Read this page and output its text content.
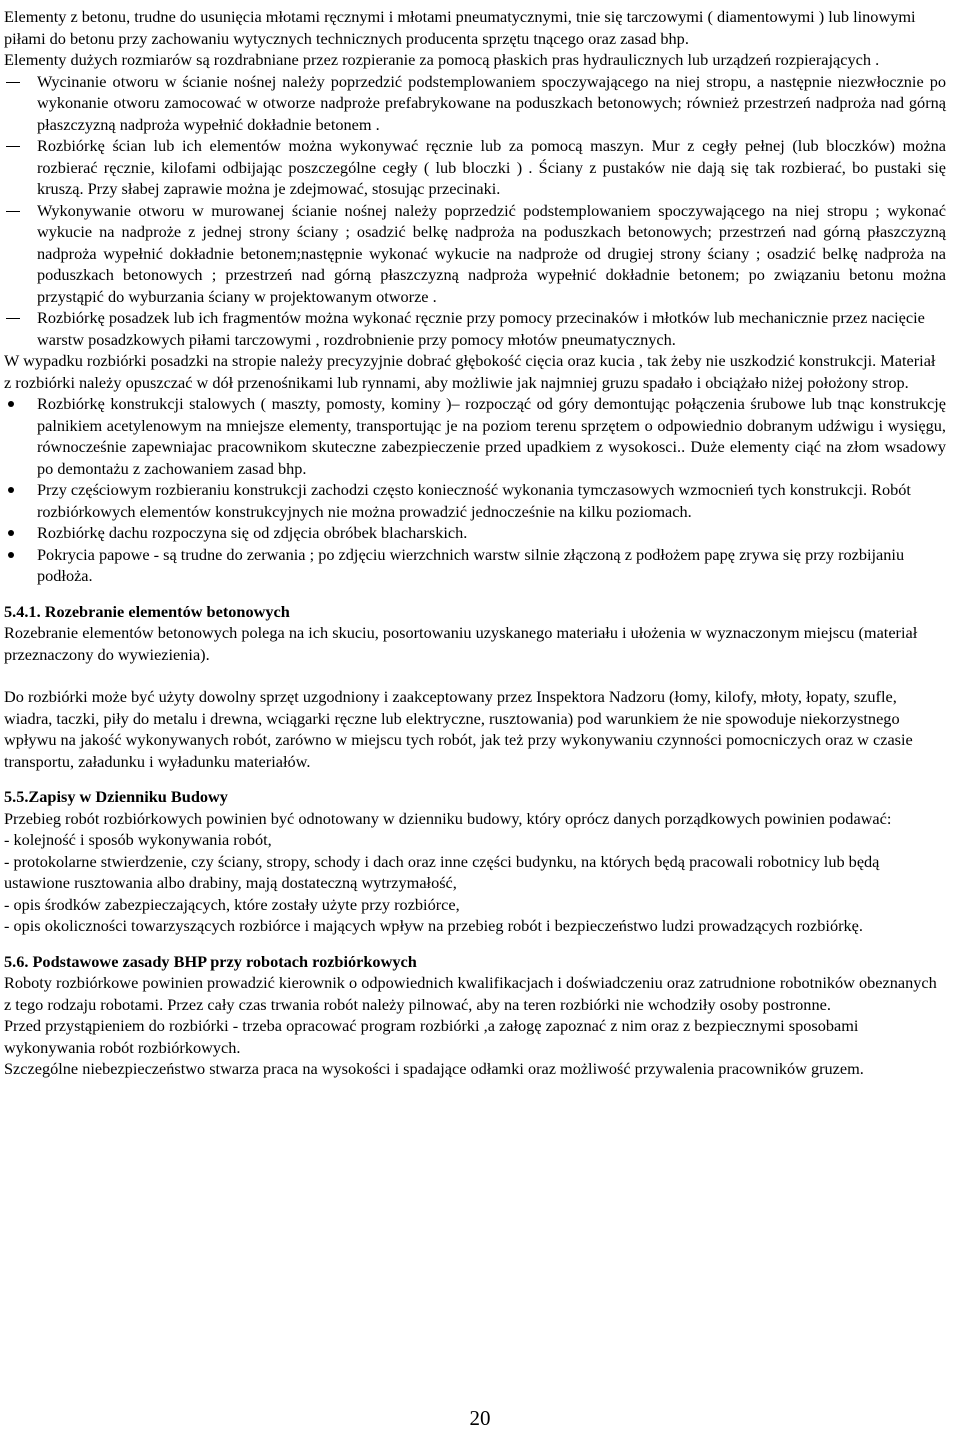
Elementy z betonu, trudne do usunięcia młotami ręcznymi i młotami pneumatycznymi, tnie się tarczowymi ( diamentowymi ) lub linowymi piłami do betonu przy zachowaniu wytycznych technicznych producenta sprzętu tnącego oraz zasad bhp.

Elementy dużych rozmiarów są rozdrabniane przez rozpieranie za pomocą płaskich pras hydraulicznych lub urządzeń rozpierających .

Wycinanie otworu w ścianie nośnej należy poprzedzić podstemplowaniem spoczywającego na niej stropu, a następnie niezwłocznie po wykonanie otworu zamocować w otworze nadproże prefabrykowane na poduszkach betonowych; również przestrzeń nadproża nad górną płaszczyzną nadproża wypełnić dokładnie betonem .
Rozbiórkę ścian lub ich elementów można wykonywać ręcznie lub za pomocą maszyn. Mur z cegły pełnej (lub bloczków) można rozbierać ręcznie, kilofami odbijając poszczególne cegły ( lub bloczki ) . Ściany z pustaków nie dają się tak rozbierać, bo pustaki się kruszą. Przy słabej zaprawie można je zdejmować, stosując przecinaki.
Wykonywanie otworu w murowanej ścianie nośnej należy poprzedzić podstemplowaniem spoczywającego na niej stropu ; wykonać wykucie na nadproże z jednej strony ściany ; osadzić belkę nadproża na poduszkach betonowych; przestrzeń nad górną płaszczyzną nadproża wypełnić dokładnie betonem;następnie wykonać wykucie na nadproże od drugiej strony ściany ; osadzić belkę nadproża na poduszkach betonowych ; przestrzeń nad górną płaszczyzną nadproża wypełnić dokładnie betonem; po związaniu betonu można przystąpić do wyburzania ściany w projektowanym otworze .
Rozbiórkę posadzek lub ich fragmentów można wykonać ręcznie przy pomocy przecinaków i młotków lub mechanicznie przez nacięcie warstw posadzkowych piłami tarczowymi , rozdrobnienie przy pomocy młotów pneumatycznych.

W wypadku rozbiórki posadzki na stropie należy precyzyjnie dobrać głębokość cięcia oraz kucia , tak żeby nie uszkodzić konstrukcji. Materiał z rozbiórki należy opuszczać w dół przenośnikami lub rynnami, aby możliwie jak najmniej gruzu spadało i obciążało niżej położony strop.

Rozbiórkę konstrukcji stalowych ( maszty, pomosty, kominy )– rozpocząć od góry demontując połączenia śrubowe lub tnąc konstrukcję palnikiem acetylenowym na mniejsze elementy, transportując je na poziom terenu sprzętem o odpowiednio dobranym udźwigu i wysięgu, równocześnie zapewniajac pracownikom skuteczne zabezpieczenie przed upadkiem z wysokosci.. Duże elementy ciąć na złom wsadowy po demontażu z zachowaniem zasad bhp.
Przy częściowym rozbieraniu konstrukcji zachodzi często konieczność wykonania tymczasowych wzmocnień tych konstrukcji. Robót rozbiórkowych elementów konstrukcyjnych nie można prowadzić jednocześnie na kilku poziomach.
Rozbiórkę dachu rozpoczyna się od zdjęcia obróbek blacharskich.
Pokrycia papowe - są trudne do zerwania ; po zdjęciu wierzchnich warstw silnie złączoną z podłożem papę zrywa się przy rozbijaniu podłoża.

5.4.1. Rozebranie elementów betonowych

Rozebranie elementów betonowych polega na ich skuciu, posortowaniu uzyskanego materiału i ułożenia w wyznaczonym miejscu (materiał przeznaczony do wywiezienia).

Do rozbiórki może być użyty dowolny sprzęt uzgodniony i zaakceptowany przez Inspektora Nadzoru (łomy, kilofy, młoty, łopaty, szufle, wiadra, taczki, piły do metalu i drewna, wciągarki ręczne lub elektryczne, rusztowania) pod warunkiem że nie spowoduje niekorzystnego wpływu na jakość wykonywanych robót, zarówno w miejscu tych robót, jak też przy wykonywaniu czynności pomocniczych oraz w czasie transportu, załadunku i wyładunku materiałów.

5.5.Zapisy w Dzienniku Budowy

Przebieg robót rozbiórkowych powinien być odnotowany w dzienniku budowy, który oprócz danych porządkowych powinien podawać:

- kolejność i sposób wykonywania robót,

- protokolarne stwierdzenie, czy ściany, stropy, schody i dach oraz inne części budynku, na których będą pracowali robotnicy lub będą ustawione rusztowania albo drabiny, mają dostateczną wytrzymałość,

- opis środków zabezpieczających, które zostały użyte przy rozbiórce,

- opis okoliczności towarzyszących rozbiórce i mających wpływ na przebieg robót i bezpieczeństwo ludzi prowadzących rozbiórkę.

5.6. Podstawowe zasady BHP przy robotach rozbiórkowych

Roboty rozbiórkowe powinien prowadzić kierownik o odpowiednich kwalifikacjach i doświadczeniu oraz zatrudnione robotników obeznanych z tego rodzaju robotami. Przez cały czas trwania robót należy pilnować, aby na teren rozbiórki nie wchodziły osoby postronne.

Przed przystąpieniem do rozbiórki - trzeba opracować program rozbiórki ,a załogę zapoznać z nim oraz z bezpiecznymi sposobami wykonywania robót rozbiórkowych.

Szczególne niebezpieczeństwo stwarza praca na wysokości i spadające odłamki oraz możliwość przywalenia pracowników gruzem.

20
